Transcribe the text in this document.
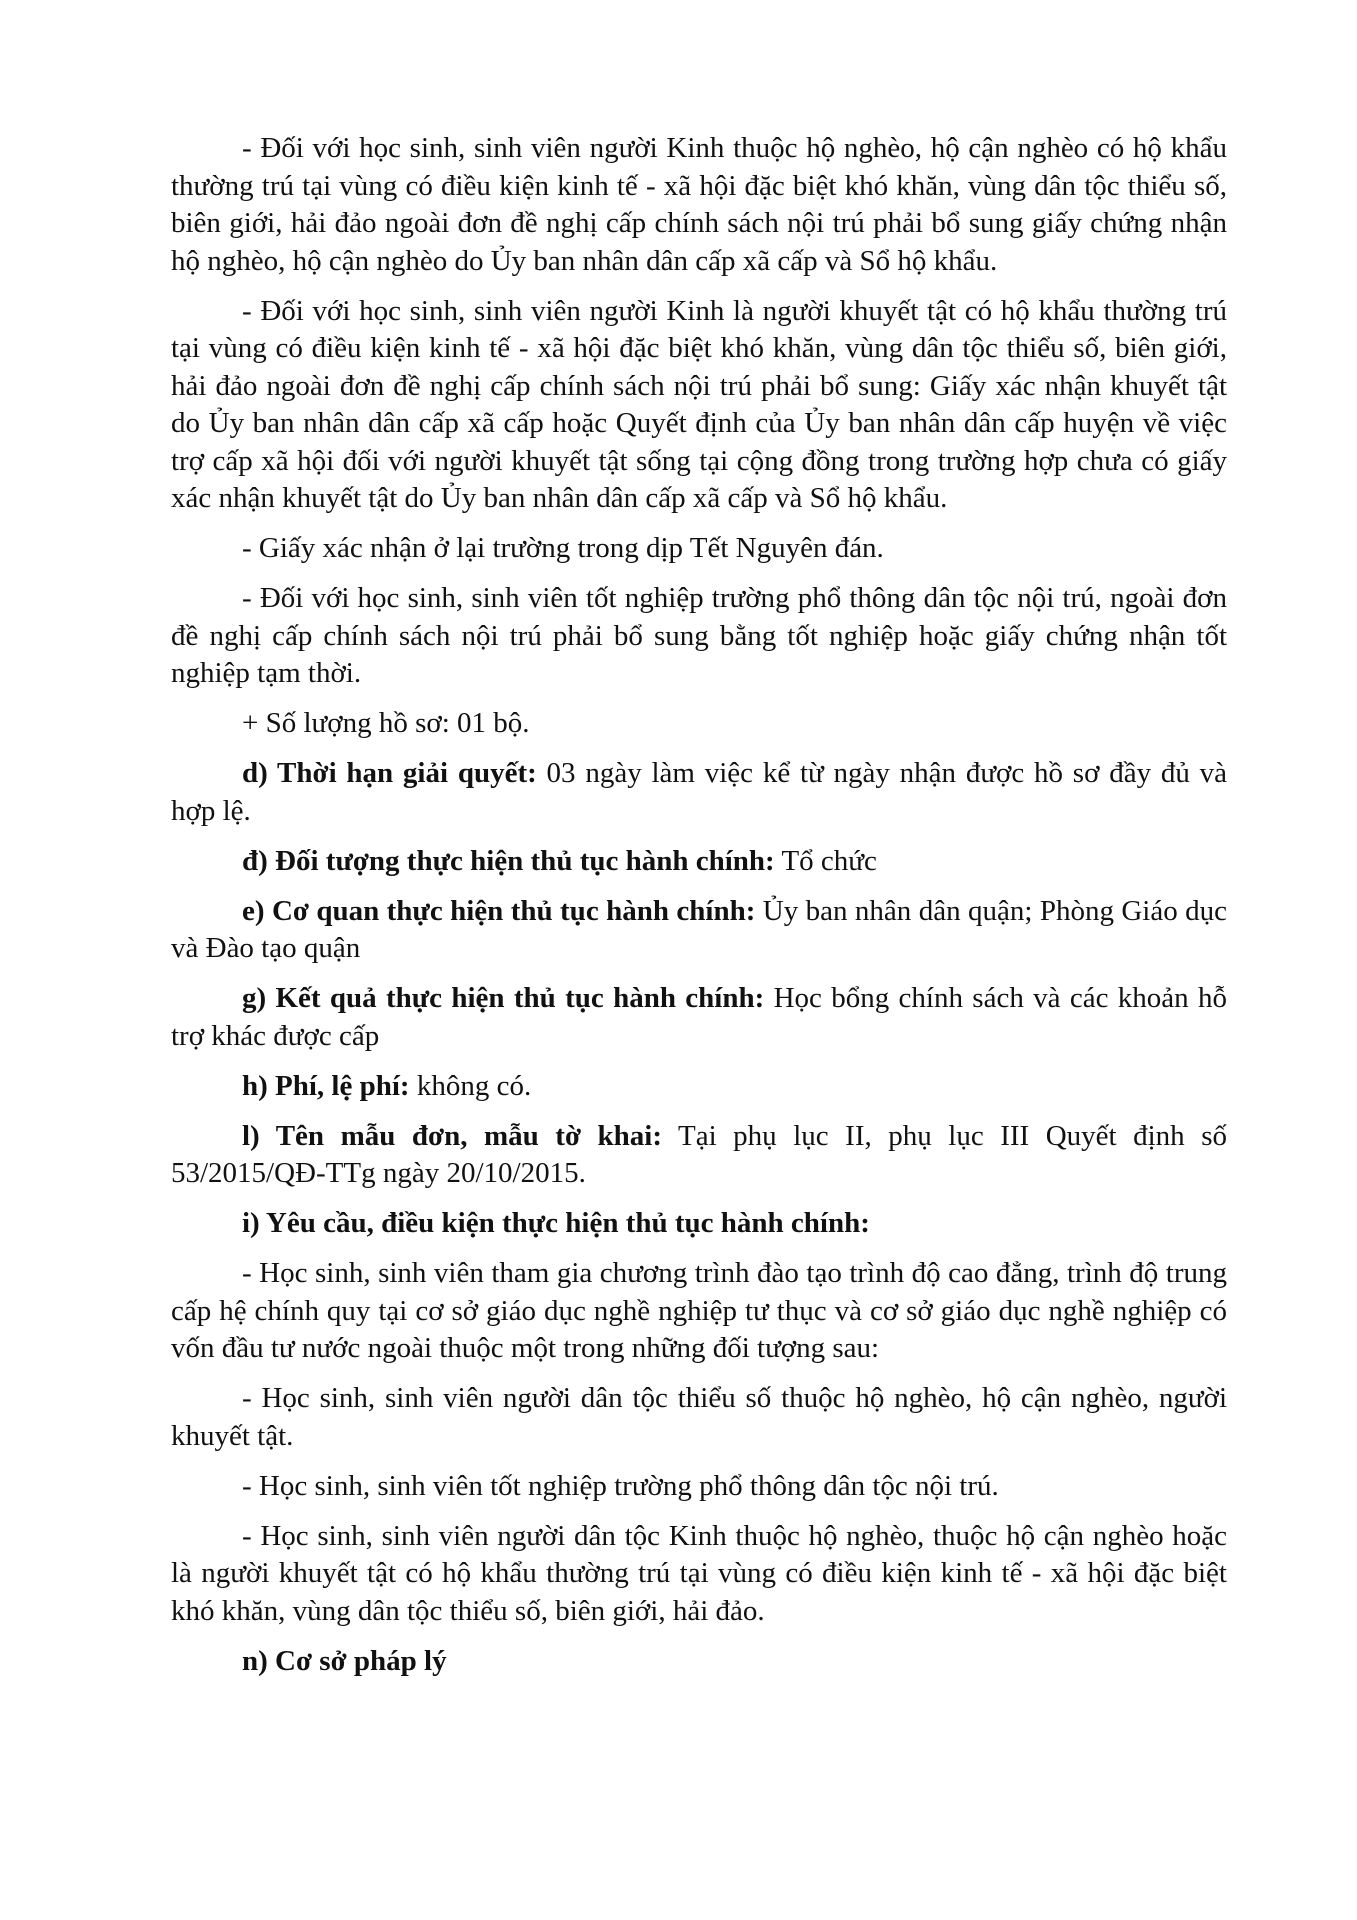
- Đối với học sinh, sinh viên người Kinh thuộc hộ nghèo, hộ cận nghèo có hộ khẩu thường trú tại vùng có điều kiện kinh tế - xã hội đặc biệt khó khăn, vùng dân tộc thiểu số, biên giới, hải đảo ngoài đơn đề nghị cấp chính sách nội trú phải bổ sung giấy chứng nhận hộ nghèo, hộ cận nghèo do Ủy ban nhân dân cấp xã cấp và Sổ hộ khẩu.

- Đối với học sinh, sinh viên người Kinh là người khuyết tật có hộ khẩu thường trú tại vùng có điều kiện kinh tế - xã hội đặc biệt khó khăn, vùng dân tộc thiểu số, biên giới, hải đảo ngoài đơn đề nghị cấp chính sách nội trú phải bổ sung: Giấy xác nhận khuyết tật do Ủy ban nhân dân cấp xã cấp hoặc Quyết định của Ủy ban nhân dân cấp huyện về việc trợ cấp xã hội đối với người khuyết tật sống tại cộng đồng trong trường hợp chưa có giấy xác nhận khuyết tật do Ủy ban nhân dân cấp xã cấp và Sổ hộ khẩu.

- Giấy xác nhận ở lại trường trong dịp Tết Nguyên đán.

- Đối với học sinh, sinh viên tốt nghiệp trường phổ thông dân tộc nội trú, ngoài đơn đề nghị cấp chính sách nội trú phải bổ sung bằng tốt nghiệp hoặc giấy chứng nhận tốt nghiệp tạm thời.

+ Số lượng hồ sơ: 01 bộ.

d) Thời hạn giải quyết: 03 ngày làm việc kể từ ngày nhận được hồ sơ đầy đủ và hợp lệ.

đ) Đối tượng thực hiện thủ tục hành chính: Tổ chức

e) Cơ quan thực hiện thủ tục hành chính: Ủy ban nhân dân quận; Phòng Giáo dục và Đào tạo quận

g) Kết quả thực hiện thủ tục hành chính: Học bổng chính sách và các khoản hỗ trợ khác được cấp

h) Phí, lệ phí: không có.

l) Tên mẫu đơn, mẫu tờ khai: Tại phụ lục II, phụ lục III Quyết định số 53/2015/QĐ-TTg ngày 20/10/2015.

i) Yêu cầu, điều kiện thực hiện thủ tục hành chính:

- Học sinh, sinh viên tham gia chương trình đào tạo trình độ cao đẳng, trình độ trung cấp hệ chính quy tại cơ sở giáo dục nghề nghiệp tư thục và cơ sở giáo dục nghề nghiệp có vốn đầu tư nước ngoài thuộc một trong những đối tượng sau:

- Học sinh, sinh viên người dân tộc thiểu số thuộc hộ nghèo, hộ cận nghèo, người khuyết tật.

- Học sinh, sinh viên tốt nghiệp trường phổ thông dân tộc nội trú.

- Học sinh, sinh viên người dân tộc Kinh thuộc hộ nghèo, thuộc hộ cận nghèo hoặc là người khuyết tật có hộ khẩu thường trú tại vùng có điều kiện kinh tế - xã hội đặc biệt khó khăn, vùng dân tộc thiểu số, biên giới, hải đảo.

n) Cơ sở pháp lý
